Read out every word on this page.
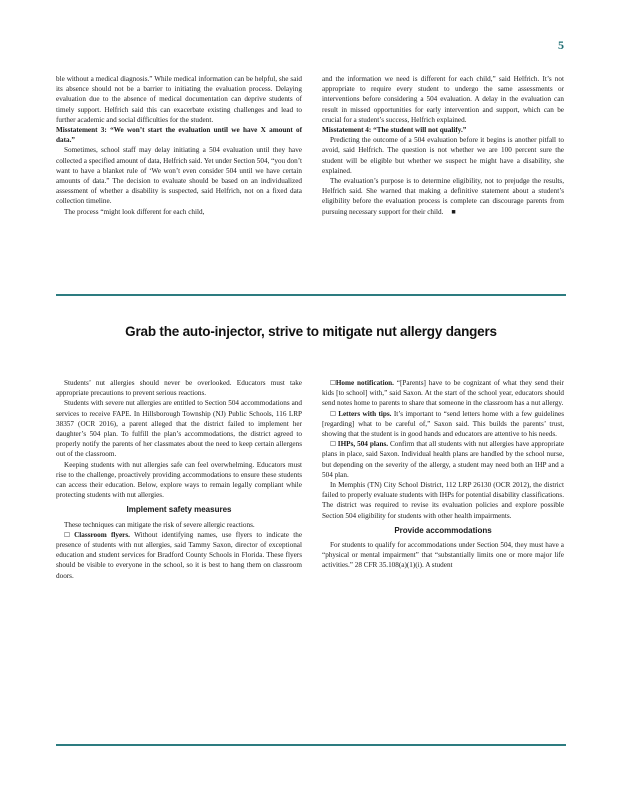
5

ble without a medical diagnosis.” While medical information can be helpful, she said its absence should not be a barrier to initiating the evaluation process. Delaying evaluation due to the absence of medical documentation can deprive students of timely support. Helfrich said this can exacerbate existing challenges and lead to further academic and social difficulties for the student.

Misstatement 3: “We won’t start the evaluation until we have X amount of data.”

Sometimes, school staff may delay initiating a 504 evaluation until they have collected a specified amount of data, Helfrich said. Yet under Section 504, “you don’t want to have a blanket rule of ‘We won’t even consider 504 until we have certain amounts of data.” The decision to evaluate should be based on an individualized assessment of whether a disability is suspected, said Helfrich, not on a fixed data collection timeline.

The process “might look different for each child,

and the information we need is different for each child,” said Helfrich. It’s not appropriate to require every student to undergo the same assessments or interventions before considering a 504 evaluation. A delay in the evaluation can result in missed opportunities for early intervention and support, which can be crucial for a student’s success, Helfrich explained.

Misstatement 4: “The student will not qualify.”

Predicting the outcome of a 504 evaluation before it begins is another pitfall to avoid, said Helfrich. The question is not whether we are 100 percent sure the student will be eligible but whether we suspect he might have a disability, she explained.

The evaluation’s purpose is to determine eligibility, not to prejudge the results, Helfrich said. She warned that making a definitive statement about a student’s eligibility before the evaluation process is complete can discourage parents from pursuing necessary support for their child. ■

Grab the auto-injector, strive to mitigate nut allergy dangers

Students’ nut allergies should never be overlooked. Educators must take appropriate precautions to prevent serious reactions.

Students with severe nut allergies are entitled to Section 504 accommodations and services to receive FAPE. In Hillsborough Township (NJ) Public Schools, 116 LRP 38357 (OCR 2016), a parent alleged that the district failed to implement her daughter’s 504 plan. To fulfill the plan’s accommodations, the district agreed to properly notify the parents of her classmates about the need to keep certain allergens out of the classroom.

Keeping students with nut allergies safe can feel overwhelming. Educators must rise to the challenge, proactively providing accommodations to ensure these students can access their education. Below, explore ways to remain legally compliant while protecting students with nut allergies.

Implement safety measures

These techniques can mitigate the risk of severe allergic reactions.

☐ Classroom flyers. Without identifying names, use flyers to indicate the presence of students with nut allergies, said Tammy Saxon, director of exceptional education and student services for Bradford County Schools in Florida. These flyers should be visible to everyone in the school, so it is best to hang them on classroom doors.

☐Home notification. “[Parents] have to be cognizant of what they send their kids [to school] with,” said Saxon. At the start of the school year, educators should send notes home to parents to share that someone in the classroom has a nut allergy.

☐ Letters with tips. It’s important to “send letters home with a few guidelines [regarding] what to be careful of,” Saxon said. This builds the parents’ trust, showing that the student is in good hands and educators are attentive to his needs.

☐ IHPs, 504 plans. Confirm that all students with nut allergies have appropriate plans in place, said Saxon. Individual health plans are handled by the school nurse, but depending on the severity of the allergy, a student may need both an IHP and a 504 plan.

In Memphis (TN) City School District, 112 LRP 26130 (OCR 2012), the district failed to properly evaluate students with IHPs for potential disability classifications. The district was required to revise its evaluation policies and explore possible Section 504 eligibility for students with other health impairments.

Provide accommodations

For students to qualify for accommodations under Section 504, they must have a “physical or mental impairment” that “substantially limits one or more major life activities.” 28 CFR 35.108(a)(1)(i). A student
